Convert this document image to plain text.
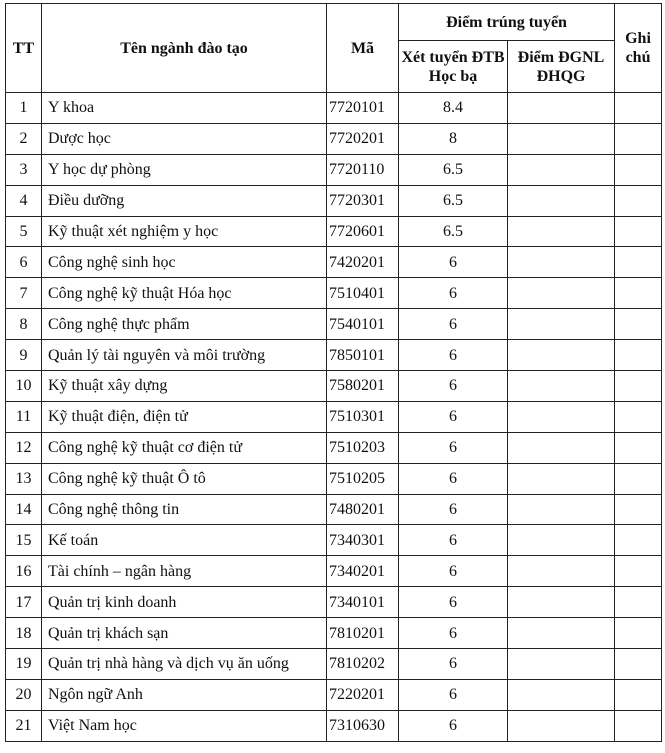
TT	Tên ngành đào tạo	Mã	Điểm trúng tuyển		Ghi chú
			Xét tuyển ĐTB Học bạ	Điểm ĐGNL ĐHQG	
1	Y khoa	7720101	8.4		
2	Dược học	7720201	8		
3	Y học dự phòng	7720110	6.5		
4	Điều dưỡng	7720301	6.5		
5	Kỹ thuật xét nghiệm y học	7720601	6.5		
6	Công nghệ sinh học	7420201	6		
7	Công nghệ kỹ thuật Hóa học	7510401	6		
8	Công nghệ thực phẩm	7540101	6		
9	Quản lý tài nguyên và môi trường	7850101	6		
10	Kỹ thuật xây dựng	7580201	6		
11	Kỹ thuật điện, điện tử	7510301	6		
12	Công nghệ kỹ thuật cơ điện tử	7510203	6		
13	Công nghệ kỹ thuật Ô tô	7510205	6		
14	Công nghệ thông tin	7480201	6		
15	Kế toán	7340301	6		
16	Tài chính – ngân hàng	7340201	6		
17	Quản trị kinh doanh	7340101	6		
18	Quản trị khách sạn	7810201	6		
19	Quản trị nhà hàng và dịch vụ ăn uống	7810202	6		
20	Ngôn ngữ Anh	7220201	6		
21	Việt Nam học	7310630	6		
